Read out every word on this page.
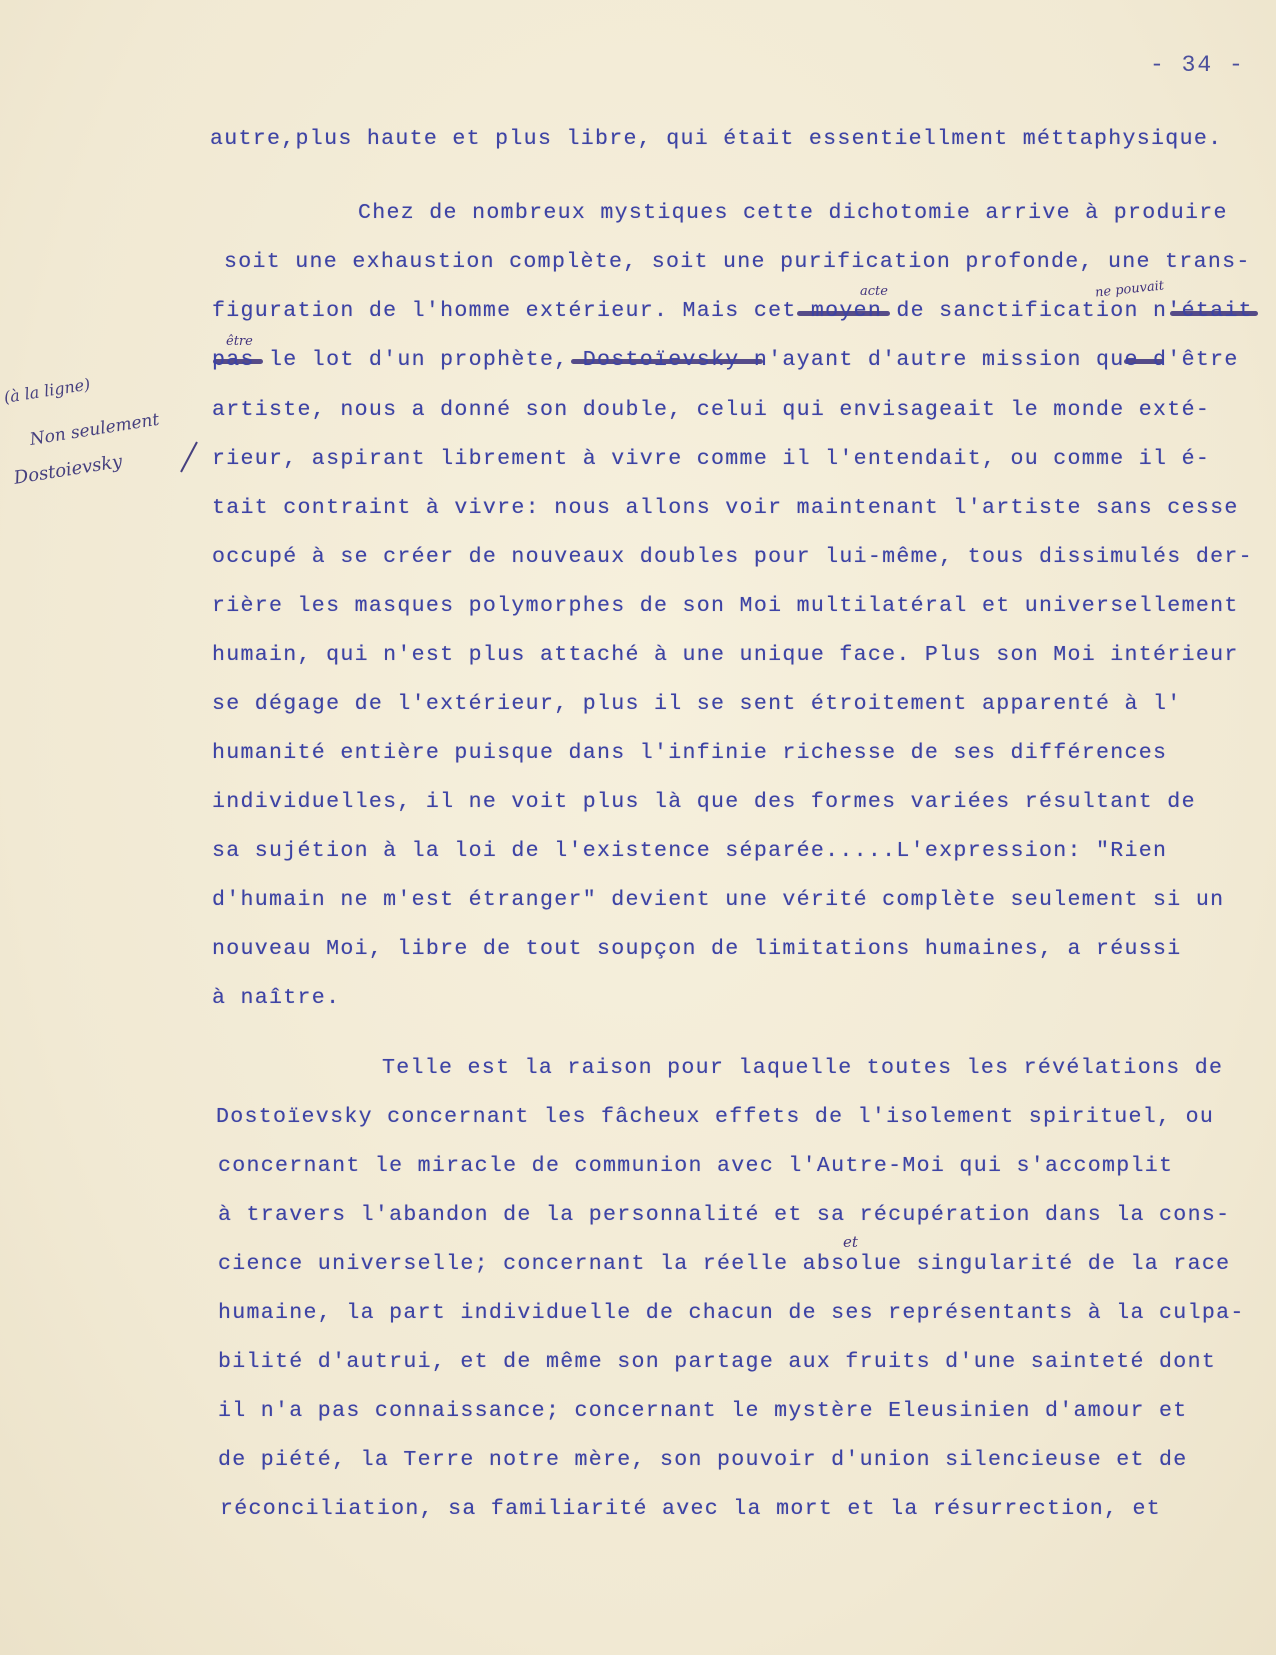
- 34 -
(à la ligne)
Non seulement
Dostoievsky
acte	ne pouvait
être
et
autre,plus haute et plus libre, qui était essentiellment méttaphysique.
Chez de nombreux mystiques cette dichotomie arrive à produire
soit une exhaustion complète, soit une purification profonde, une trans-
figuration de l'homme extérieur. Mais cet moyen de sanctification n'était
pas le lot d'un prophète, Dostoïevsky n'ayant d'autre mission que d'être
artiste, nous a donné son double, celui qui envisageait le monde exté-
rieur, aspirant librement à vivre comme il l'entendait, ou comme il é-
tait contraint à vivre: nous allons voir maintenant l'artiste sans cesse
occupé à se créer de nouveaux doubles pour lui-même, tous dissimulés der-
rière les masques polymorphes de son Moi multilatéral et universellement
humain, qui n'est plus attaché à une unique face. Plus son Moi intérieur
se dégage de l'extérieur, plus il se sent étroitement apparenté à l'
humanité entière puisque dans l'infinie richesse de ses différences
individuelles, il ne voit plus là que des formes variées résultant de
sa sujétion à la loi de l'existence séparée.....L'expression: "Rien
d'humain ne m'est étranger" devient une vérité complète seulement si un
nouveau Moi, libre de tout soupçon de limitations humaines, a réussi
à naître.
Telle est la raison pour laquelle toutes les révélations de
Dostoïevsky concernant les fâcheux effets de l'isolement spirituel, ou
concernant le miracle de communion avec l'Autre-Moi qui s'accomplit
à travers l'abandon de la personnalité et sa récupération dans la cons-
cience universelle; concernant la réelle absolue singularité de la race
humaine, la part individuelle de chacun de ses représentants à la culpa-
bilité d'autrui, et de même son partage aux fruits d'une sainteté dont
il n'a pas connaissance; concernant le mystère Eleusinien d'amour et
de piété, la Terre notre mère, son pouvoir d'union silencieuse et de
réconciliation, sa familiarité avec la mort et la résurrection, et
